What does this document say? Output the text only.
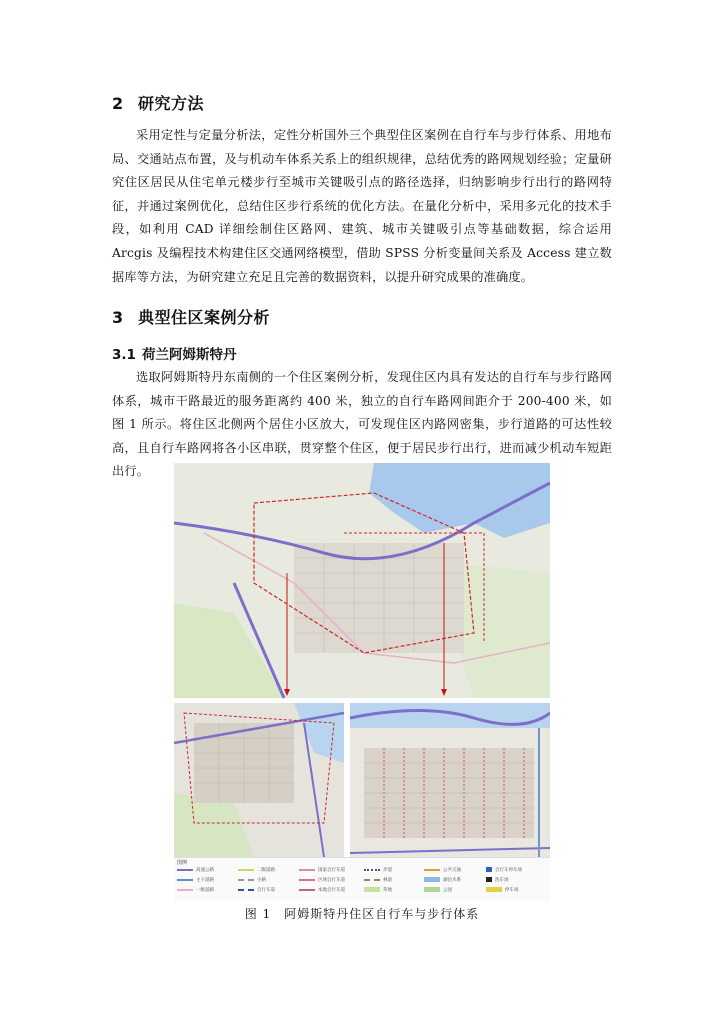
2 研究方法
采用定性与定量分析法，定性分析国外三个典型住区案例在自行车与步行体系、用地布局、交通站点布置，及与机动车体系关系上的组织规律，总结优秀的路网规划经验；定量研究住区居民从住宅单元楼步行至城市关键吸引点的路径选择，归纳影响步行出行的路网特征，并通过案例优化，总结住区步行系统的优化方法。在量化分析中，采用多元化的技术手段，如利用 CAD 详细绘制住区路网、建筑、城市关键吸引点等基础数据，综合运用 Arcgis 及编程技术构建住区交通网络模型，借助 SPSS 分析变量间关系及 Access 建立数据库等方法，为研究建立充足且完善的数据资料，以提升研究成果的准确度。
3 典型住区案例分析
3.1 荷兰阿姆斯特丹
选取阿姆斯特丹东南侧的一个住区案例分析，发现住区内具有发达的自行车与步行路网体系，城市干路最近的服务距离约 400 米，独立的自行车路网间距介于 200-400 米，如图 1 所示。将住区北侧两个居住小区放大，可发现住区内路网密集，步行道路的可达性较高，且自行车路网将各小区串联，贯穿整个住区，便于居民步行出行，进而减少机动车短距出行。
图例
高速公路	二级道路	国家自行车道	步道	公共交通	自行车停车场
主干道路	小路	区域自行车道	林道	湖泊水系	洗车场
一级道路	自行车道	本地自行车道	草地	公园	停车场
图 1　阿姆斯特丹住区自行车与步行体系
